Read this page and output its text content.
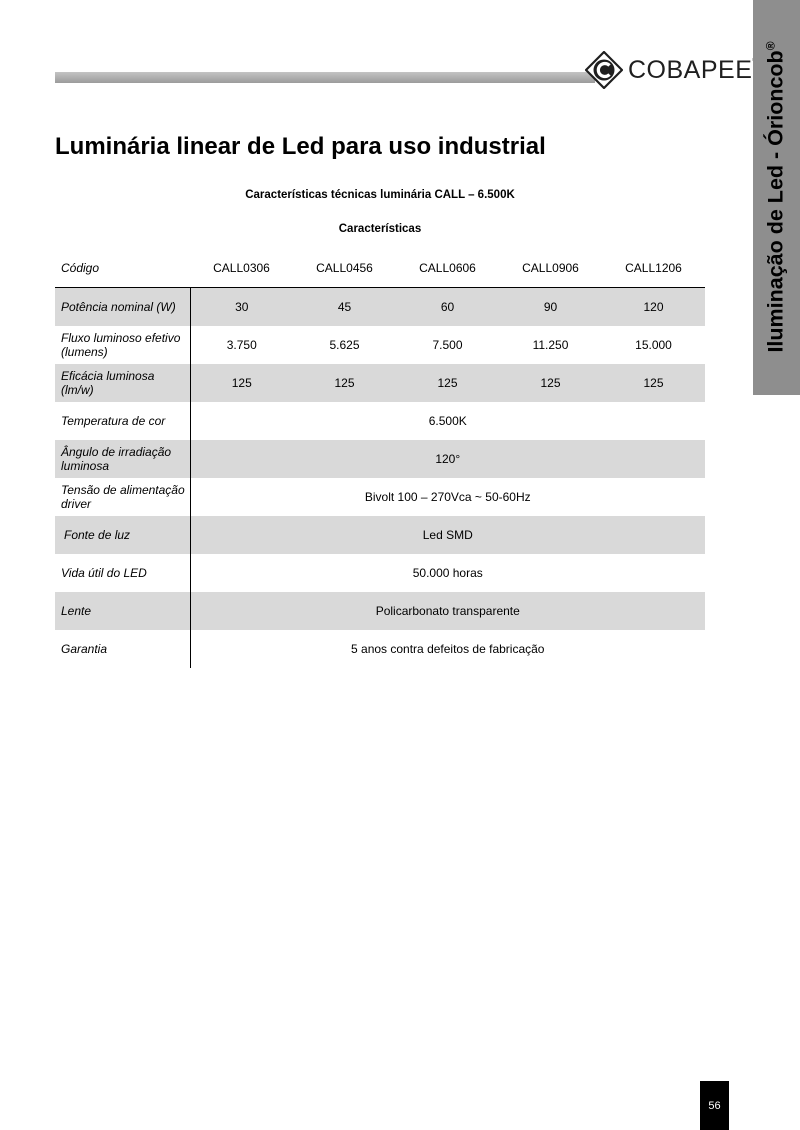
COBAPEE Iluminação de Led - Órioncob®
Luminária linear de Led para uso industrial
Características técnicas luminária CALL – 6.500K
Características
Código	CALL0306	CALL0456	CALL0606	CALL0906	CALL1206
Potência nominal (W)	30	45	60	90	120
Fluxo luminoso efetivo (lumens)	3.750	5.625	7.500	11.250	15.000
Eficácia luminosa (lm/w)	125	125	125	125	125
Temperatura de cor	6.500K				
Ângulo de irradiação luminosa	120°				
Tensão de alimentação driver	Bivolt 100 – 270Vca ~ 50-60Hz				
Fonte de luz	Led SMD				
Vida útil do LED	50.000 horas				
Lente	Policarbonato transparente				
Garantia	5 anos contra defeitos de fabricação				
56
